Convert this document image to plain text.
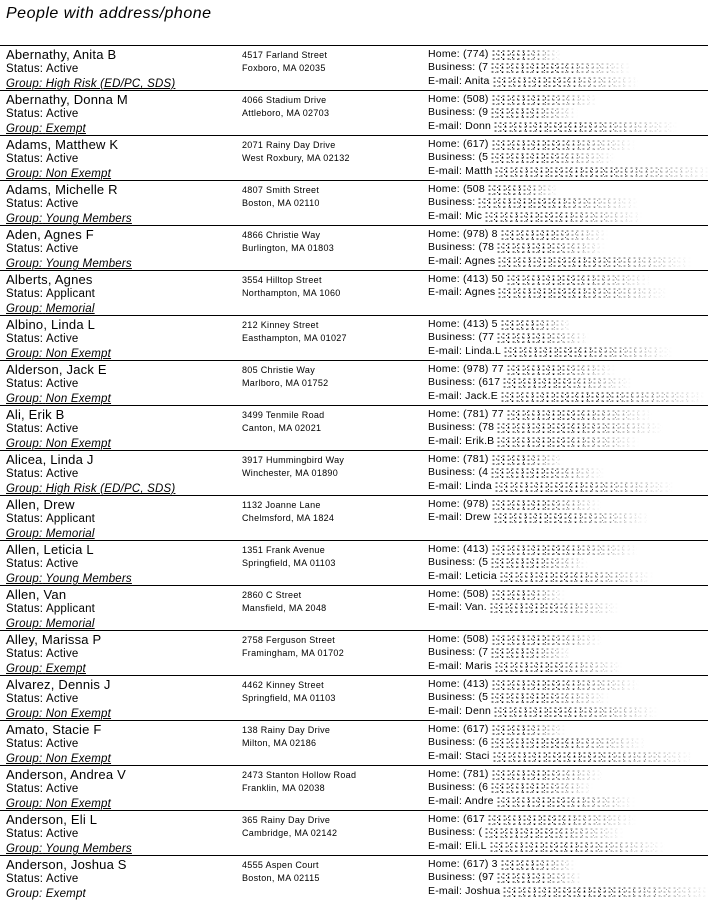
People with address/phone
Abernathy, Anita B
Status: Active
Group: High Risk (ED/PC, SDS)
4517 Farland Street
Foxboro, MA 02035
Home: (774)
Business: (7
E-mail: Anita
Abernathy, Donna M
Status: Active
Group: Exempt
4066 Stadium Drive
Attleboro, MA 02703
Home: (508)
Business: (9
E-mail: Donn
Adams, Matthew K
Status: Active
Group: Non Exempt
2071 Rainy Day Drive
West Roxbury, MA 02132
Home: (617)
Business: (5
E-mail: Matth
Adams, Michelle R
Status: Active
Group: Young Members
4807 Smith Street
Boston, MA 02110
Home: (508
Business:
E-mail: Mic
Aden, Agnes F
Status: Active
Group: Young Members
4866 Christie Way
Burlington, MA 01803
Home: (978) 8
Business: (78
E-mail: Agnes
Alberts, Agnes
Status: Applicant
Group: Memorial
3554 Hilltop Street
Northampton, MA 1060
Home: (413) 50
E-mail: Agnes
Albino, Linda L
Status: Active
Group: Non Exempt
212 Kinney Street
Easthampton, MA 01027
Home: (413) 5
Business: (77
E-mail: Linda.L
Alderson, Jack E
Status: Active
Group: Non Exempt
805 Christie Way
Marlboro, MA 01752
Home: (978) 77
Business: (617
E-mail: Jack.E
Ali, Erik B
Status: Active
Group: Non Exempt
3499 Tenmile Road
Canton, MA 02021
Home: (781) 77
Business: (78
E-mail: Erik.B
Alicea, Linda J
Status: Active
Group: High Risk (ED/PC, SDS)
3917 Hummingbird Way
Winchester, MA 01890
Home: (781)
Business: (4
E-mail: Linda
Allen, Drew
Status: Applicant
Group: Memorial
1132 Joanne Lane
Chelmsford, MA 1824
Home: (978)
E-mail: Drew
Allen, Leticia L
Status: Active
Group: Young Members
1351 Frank Avenue
Springfield, MA 01103
Home: (413)
Business: (5
E-mail: Leticia
Allen, Van
Status: Applicant
Group: Memorial
2860 C Street
Mansfield, MA 2048
Home: (508)
E-mail: Van.
Alley, Marissa P
Status: Active
Group: Exempt
2758 Ferguson Street
Framingham, MA 01702
Home: (508)
Business: (7
E-mail: Maris
Alvarez, Dennis J
Status: Active
Group: Non Exempt
4462 Kinney Street
Springfield, MA 01103
Home: (413)
Business: (5
E-mail: Denn
Amato, Stacie F
Status: Active
Group: Non Exempt
138 Rainy Day Drive
Milton, MA 02186
Home: (617)
Business: (6
E-mail: Staci
Anderson, Andrea V
Status: Active
Group: Non Exempt
2473 Stanton Hollow Road
Franklin, MA 02038
Home: (781)
Business: (6
E-mail: Andre
Anderson, Eli L
Status: Active
Group: Young Members
365 Rainy Day Drive
Cambridge, MA 02142
Home: (617
Business: (
E-mail: Eli.L
Anderson, Joshua S
Status: Active
Group: Exempt
4555 Aspen Court
Boston, MA 02115
Home: (617) 3
Business: (97
E-mail: Joshua
